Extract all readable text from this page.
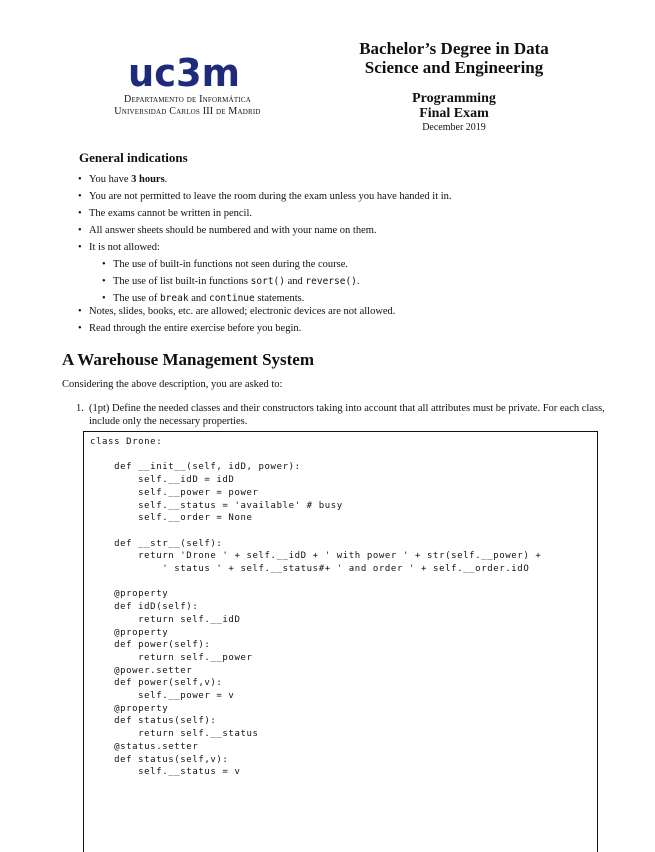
uc3m
Departamento de Informática
Universidad Carlos III de Madrid
Bachelor’s Degree in Data
Science and Engineering
Programming
Final Exam
December 2019
General indications
• You have 3 hours.
• You are not permitted to leave the room during the exam unless you have handed it in.
• The exams cannot be written in pencil.
• All answer sheets should be numbered and with your name on them.
• It is not allowed:
• The use of built-in functions not seen during the course.
• The use of list built-in functions sort() and reverse().
• The use of break and continue statements.
• Notes, slides, books, etc. are allowed; electronic devices are not allowed.
• Read through the entire exercise before you begin.
A Warehouse Management System
Considering the above description, you are asked to:
1. (1pt) Define the needed classes and their constructors taking into account that all attributes must be private. For each class, include only the necessary properties.
class Drone:

def __init__(self, idD, power):
self.__idD = idD
self.__power = power
self.__status = 'available' # busy
self.__order = None

def __str__(self):
return 'Drone ' + self.__idD + ' with power ' + str(self.__power) +
' status ' + self.__status#+ ' and order ' + self.__order.idO

@property
def idD(self):
return self.__idD
@property
def power(self):
return self.__power
@power.setter
def power(self,v):
self.__power = v
@property
def status(self):
return self.__status
@status.setter
def status(self,v):
self.__status = v
